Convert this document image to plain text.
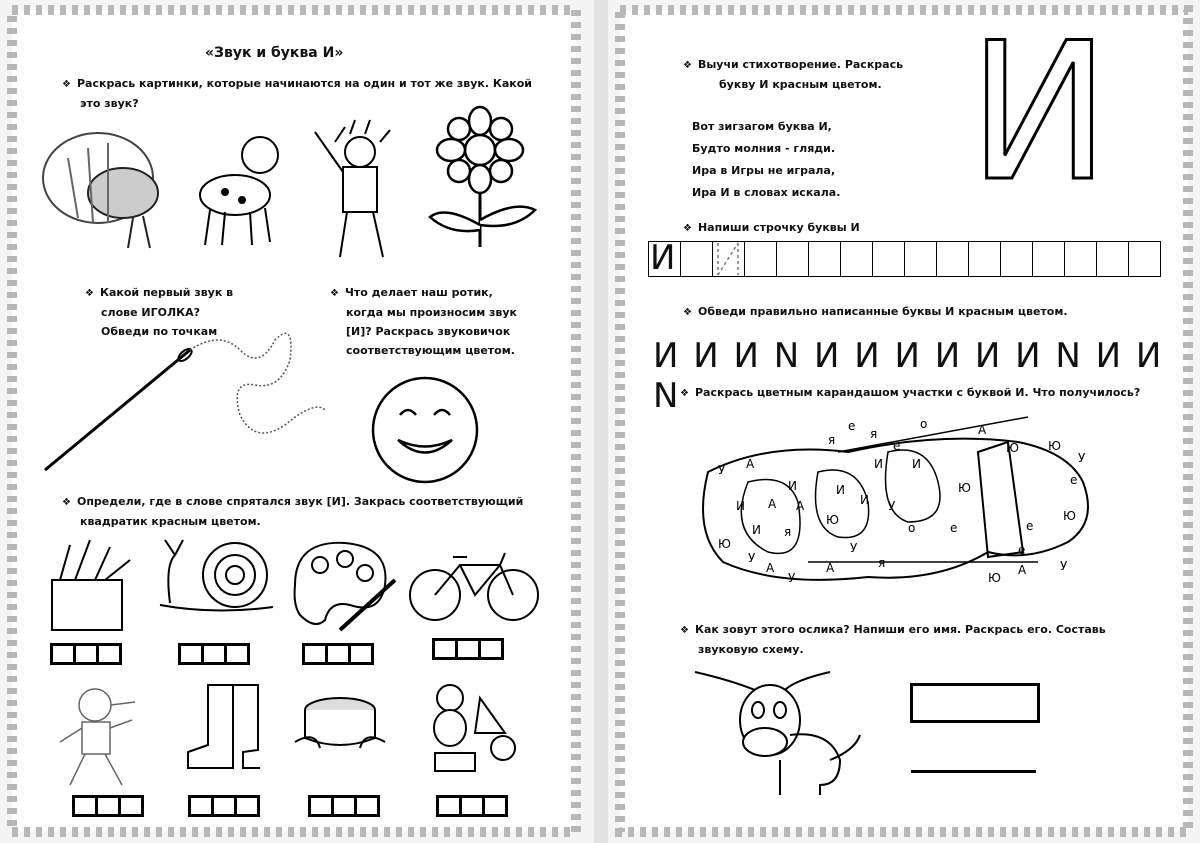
«Звук и буква И»
❖ Раскрась картинки, которые начинаются на один и тот же звук. Какой
это звук?
❖ Какой первый звук в
слове ИГОЛКА?
Обведи по точкам
❖ Что делает наш ротик,
когда мы произносим звук
[И]? Раскрась звуковичок
соответствующим цветом.
❖ Определи, где в слове спрятался звук [И]. Закрась соответствующий
квадратик красным цветом.
❖ Выучи стихотворение. Раскрась
букву И красным цветом.
Вот зигзагом буква И,
Будто молния - гляди.
Ира в Игры не играла,
Ира И в словах искала. И
❖ Напиши строчку буквы И
И
❖ Обведи правильно написанные буквы И красным цветом.
И И И N И И И И И И N И И N ❖ Раскрась цветным карандашом участки с буквой И. Что получилось?
У А
я
е
я
е
о	А
Ю
И	И
И И
И А А
Ю
У
И
И я
Ю
У
А
У
А
У
я
о
Ю
е
Ю
е
е
Ю
е
У
У
Ю
А
❖ Как зовут этого ослика? Напиши его имя. Раскрась его. Составь
звуковую схему.
